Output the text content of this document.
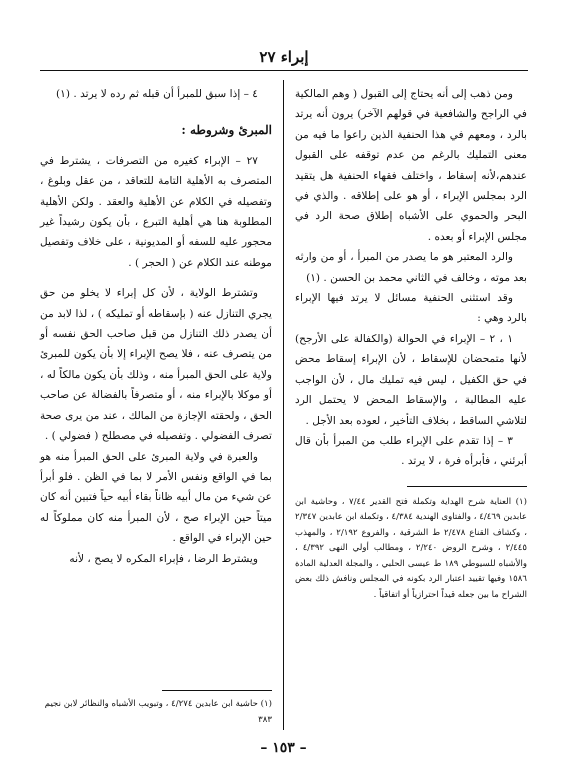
إبراء ٢٧

ومن ذهب إلى أنه يحتاج إلى القبول ( وهم المالكية في الراجح والشافعية في قولهم الآخر) يرون أنه يرتد بالرد ، ومعهم في هذا الحنفية الذين راعوا ما فيه من معنى التمليك بالرغم من عدم توقفه على القبول عندهم،لأنه إسقاط ، واختلف فقهاء الحنفية هل يتقيد الرد بمجلس الإبراء ، أو هو على إطلاقه . والذي في البحر والحموي على الأشباه إطلاق صحة الرد في مجلس الإبراء أو بعده .

والرد المعتبر هو ما يصدر من المبرأ ، أو من وارثه بعد موته ، وخالف في الثاني محمد بن الحسن . (١)

وقد استثنى الحنفية مسائل لا يرتد فيها الإبراء بالرد وهي :

١ ، ٢ – الإبراء في الحوالة (والكفالة على الأرجح) لأنها متمحضان للإسقاط ، لأن الإبراء إسقاط محض في حق الكفيل ، ليس فيه تمليك مال ، لأن الواجب عليه المطالبة ، والإسقاط المحض لا يحتمل الرد لتلاشي الساقط ، بخلاف التأخير ، لعوده بعد الأجل .

٣ – إذا تقدم على الإبراء طلب من المبرأ بأن قال أبرئني ، فأبرأه فرة ، لا يرتد .

(١) العناية شرح الهداية وتكملة فتح القدير ٧/٤٤ ، وحاشية ابن عابدين ٤/٤٦٩ ، والفتاوى الهندية ٤/٣٨٤ ، وتكملة ابن عابدين ٢/٣٤٧ ، وكشاف القناع ٢/٤٧٨ ط الشرقية ، والفروع ٢/١٩٢ ، والمهذب ٢/٤٤٥ ، وشرح الروض ٢/٢٤٠ ، ومطالب أولي النهى ٤/٣٩٢ ، والأشباه للسيوطي ١٨٩ ط عيسى الحلبي ، والمجلة العدلية المادة ١٥٨٦ وفيها تقييد اعتبار الرد بكونه في المجلس ونافش ذلك بعض الشراح ما بين جعله قيداً احترازياً أو اتفاقياً .

٤ – إذا سبق للمبرأ أن قبله ثم رده لا يرتد . (١)

المبرئ وشروطه :

٢٧ – الإبراء كغيره من التصرفات ، يشترط في المتصرف به الأهلية التامة للتعاقد ، من عقل وبلوغ ، وتفصيله في الكلام عن الأهلية والعقد . ولكن الأهلية المطلوبة هنا هي أهلية التبرع ، بأن يكون رشيداً غير محجور عليه للسفه أو المديونية ، على خلاف وتفصيل موطنه عند الكلام عن ( الحجر ) .

وتشترط الولاية ، لأن كل إبراء لا يخلو من حق يجري التنازل عنه ( بإسقاطه أو تمليكه ) ، لذا لابد من أن يصدر ذلك التنازل من قبل صاحب الحق نفسه أو من يتصرف عنه ، فلا يصح الإبراء إلا بأن يكون للمبرئ ولاية على الحق المبرأ منه ، وذلك بأن يكون مالكاً له ، أو موكلا بالإبراء منه ، أو متصرفاً بالفضالة عن صاحب الحق ، ولحقته الإجازة من المالك ، عند من يرى صحة تصرف الفضولي . وتفصيله في مصطلح ( فضولي ) .

والعبرة في ولاية المبرئ على الحق المبرأ منه هو بما في الواقع ونفس الأمر لا بما في الظن . فلو أبرأ عن شيء من مال أبيه ظاناً بقاء أبيه حياً فتبين أنه كان ميتاً حين الإبراء صح ، لأن المبرأ منه كان مملوكاً له حين الإبراء في الواقع .

ويشترط الرضا ، فإبراء المكره لا يصح ، لأنه

(١) حاشية ابن عابدين ٤/٢٧٤ ، وتبويب الأشباه والنظائر لابن نجيم ٣٨٣

– ١٥٣ –
